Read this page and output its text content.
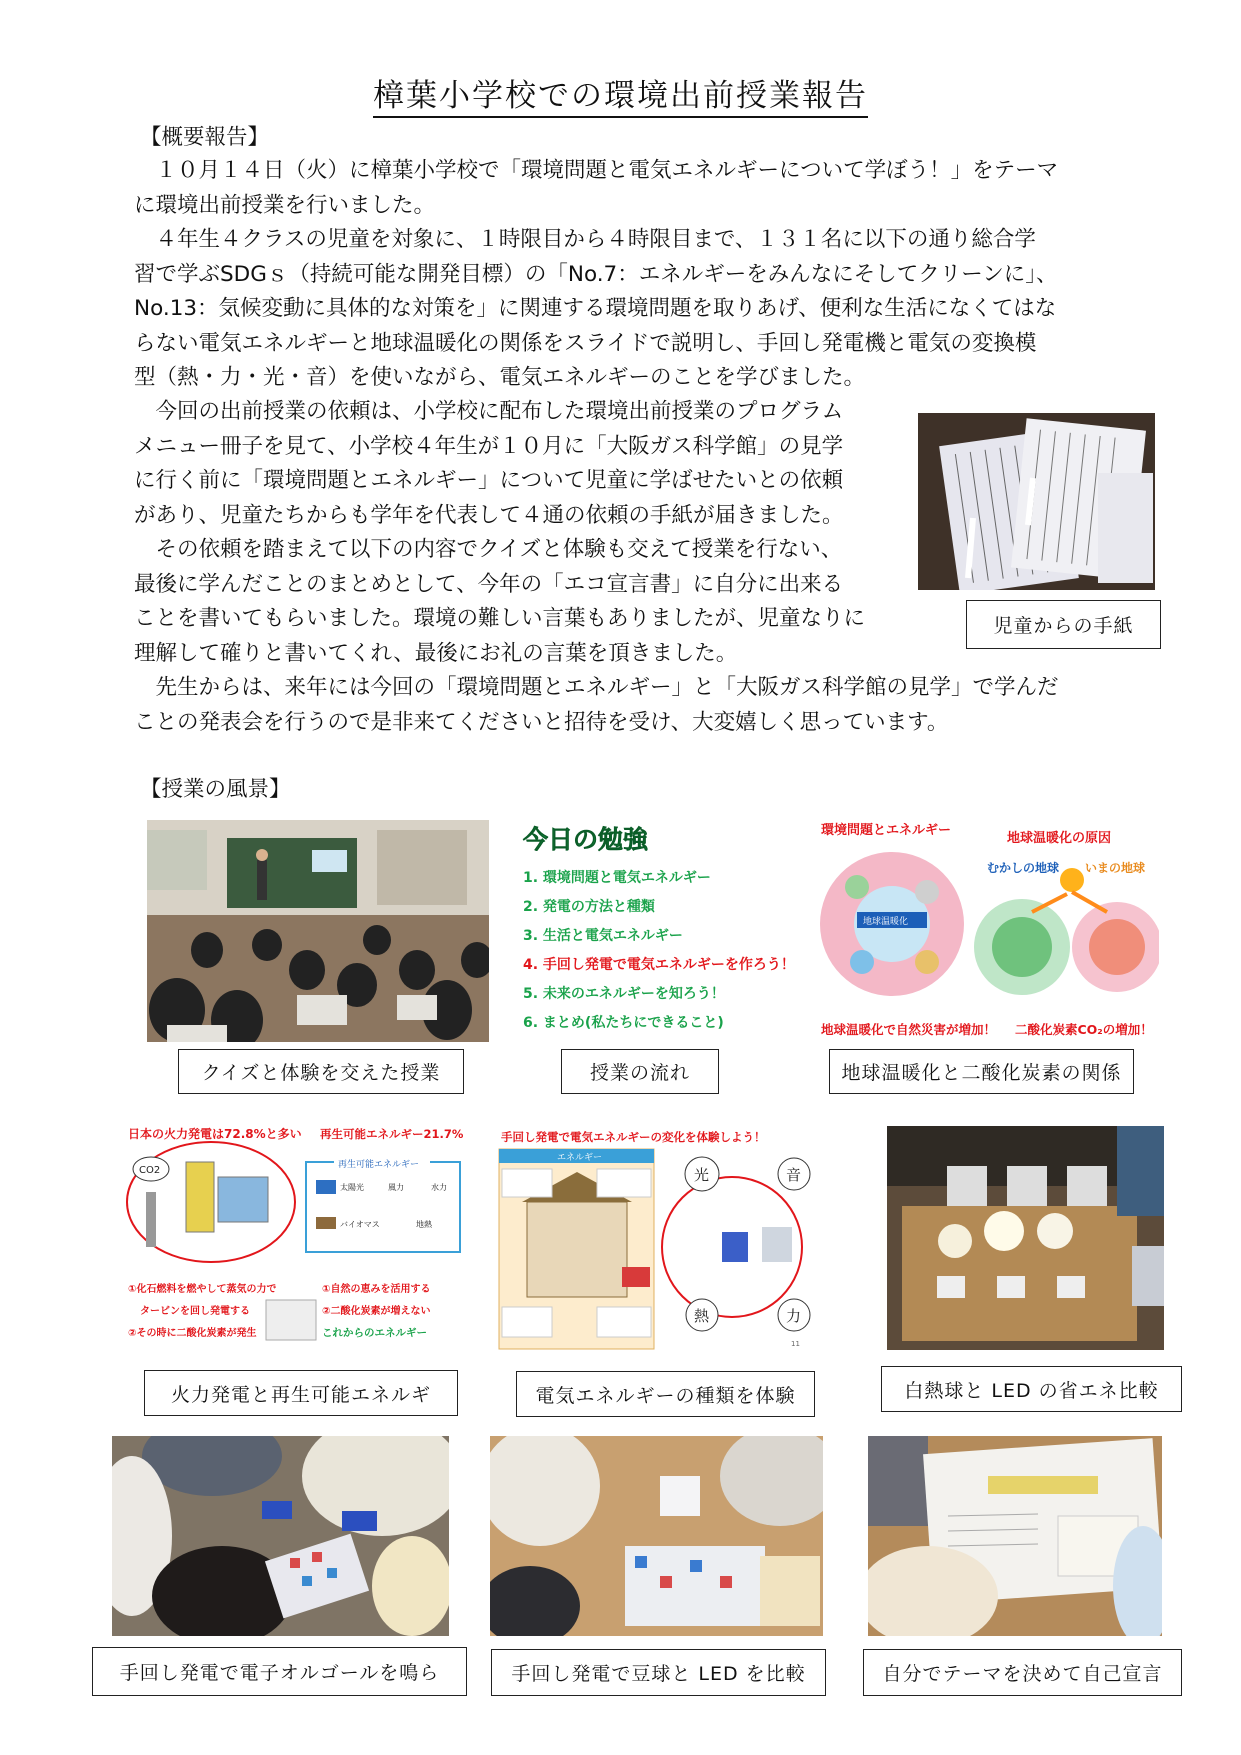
樟葉小学校での環境出前授業報告
【概要報告】
　１０月１４日（火）に樟葉小学校で「環境問題と電気エネルギーについて学ぼう！」をテーマ
に環境出前授業を行いました。
　４年生４クラスの児童を対象に、１時限目から４時限目まで、１３１名に以下の通り総合学
習で学ぶSDGｓ（持続可能な開発目標）の「No.7：エネルギーをみんなにそしてクリーンに」、
No.13：気候変動に具体的な対策を」に関連する環境問題を取りあげ、便利な生活になくてはな
らない電気エネルギーと地球温暖化の関係をスライドで説明し、手回し発電機と電気の変換模
型（熱・力・光・音）を使いながら、電気エネルギーのことを学びました。
　今回の出前授業の依頼は、小学校に配布した環境出前授業のプログラム
メニュー冊子を見て、小学校４年生が１０月に「大阪ガス科学館」の見学
に行く前に「環境問題とエネルギー」について児童に学ばせたいとの依頼
があり、児童たちからも学年を代表して４通の依頼の手紙が届きました。
　その依頼を踏まえて以下の内容でクイズと体験も交えて授業を行ない、
最後に学んだことのまとめとして、今年の「エコ宣言書」に自分に出来る
ことを書いてもらいました。環境の難しい言葉もありましたが、児童なりに
理解して確りと書いてくれ、最後にお礼の言葉を頂きました。
　先生からは、来年には今回の「環境問題とエネルギー」と「大阪ガス科学館の見学」で学んだ
ことの発表会を行うので是非来てくださいと招待を受け、大変嬉しく思っています。
児童からの手紙
【授業の風景】
クイズと体験を交えた授業
今日の勉強
1. 環境問題と電気エネルギー
2. 発電の方法と種類
3. 生活と電気エネルギー
4. 手回し発電で電気エネルギーを作ろう！
5. 未来のエネルギーを知ろう！
6. まとめ(私たちにできること)
授業の流れ
環境問題とエネルギー
地球温暖化の原因
地球温暖化
むかしの地球 いまの地球
地球温暖化で自然災害が増加！ 二酸化炭素CO₂の増加！
地球温暖化と二酸化炭素の関係
日本の火力発電は72.8%と多い 再生可能エネルギー21.7%
CO2	再生可能エネルギー
太陽光	風力	水力
バイオマス	地熱
①化石燃料を燃やして蒸気の力で
タービンを回し発電する
②その時に二酸化炭素が発生
①自然の恵みを活用する
②二酸化炭素が増えない
これからのエネルギー
火力発電と再生可能エネルギ
手回し発電で電気エネルギーの変化を体験しよう！
エネルギー
光	音
熱	力
11
電気エネルギーの種類を体験	白熱球と LED の省エネ比較
手回し発電で電子オルゴールを鳴ら	手回し発電で豆球と LED を比較	自分でテーマを決めて自己宣言
